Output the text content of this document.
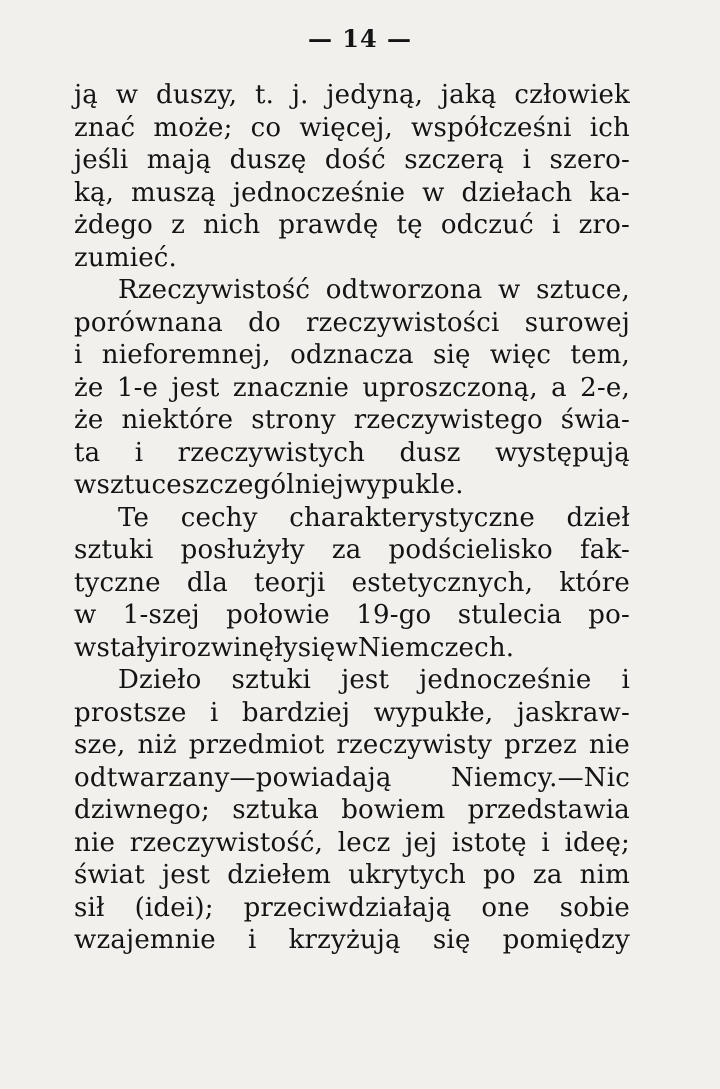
— 14 —
ją w duszy, t. j. jedyną, jaką człowiek
znać może; co więcej, współcześni ich
jeśli mają duszę dość szczerą i szero-
ką, muszą jednocześnie w dziełach ka-
żdego z nich prawdę tę odczuć i zro-
zumieć.
Rzeczywistość odtworzona w sztuce,
porównana do rzeczywistości surowej
i nieforemnej, odznacza się więc tem,
że 1-e jest znacznie uproszczoną, a 2-e,
że niektóre strony rzeczywistego świa-
ta i rzeczywistych dusz występują
w sztuce szczególniej wypukle.
Te cechy charakterystyczne dzieł
sztuki posłużyły za podścielisko fak-
tyczne dla teorji estetycznych, które
w 1-szej połowie 19-go stulecia po-
wstały i rozwinęły się w Niemczech.
Dzieło sztuki jest jednocześnie i
prostsze i bardziej wypukłe, jaskraw-
sze, niż przedmiot rzeczywisty przez nie
odtwarzany—powiadają Niemcy.—Nic
dziwnego; sztuka bowiem przedstawia
nie rzeczywistość, lecz jej istotę i ideę;
świat jest dziełem ukrytych po za nim
sił (idei); przeciwdziałają one sobie
wzajemnie i krzyżują się pomiędzy
